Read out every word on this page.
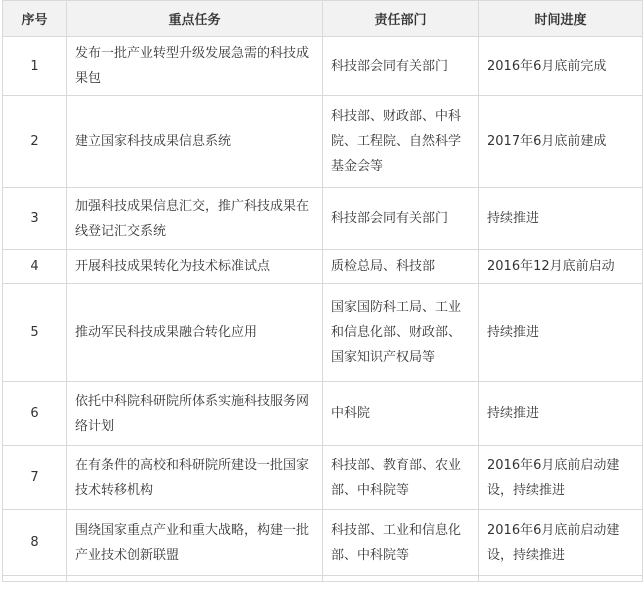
序号	重点任务	责任部门	时间进度
1	发布一批产业转型升级发展急需的科技成果包	科技部会同有关部门	2016年6月底前完成
2	建立国家科技成果信息系统	科技部、财政部、中科院、工程院、自然科学基金会等	2017年6月底前建成
3	加强科技成果信息汇交，推广科技成果在线登记汇交系统	科技部会同有关部门	持续推进
4	开展科技成果转化为技术标准试点	质检总局、科技部	2016年12月底前启动
5	推动军民科技成果融合转化应用	国家国防科工局、工业和信息化部、财政部、国家知识产权局等	持续推进
6	依托中科院科研院所体系实施科技服务网络计划	中科院	持续推进
7	在有条件的高校和科研院所建设一批国家技术转移机构	科技部、教育部、农业部、中科院等	2016年6月底前启动建设，持续推进
8	围绕国家重点产业和重大战略，构建一批产业技术创新联盟	科技部、工业和信息化部、中科院等	2016年6月底前启动建设，持续推进
